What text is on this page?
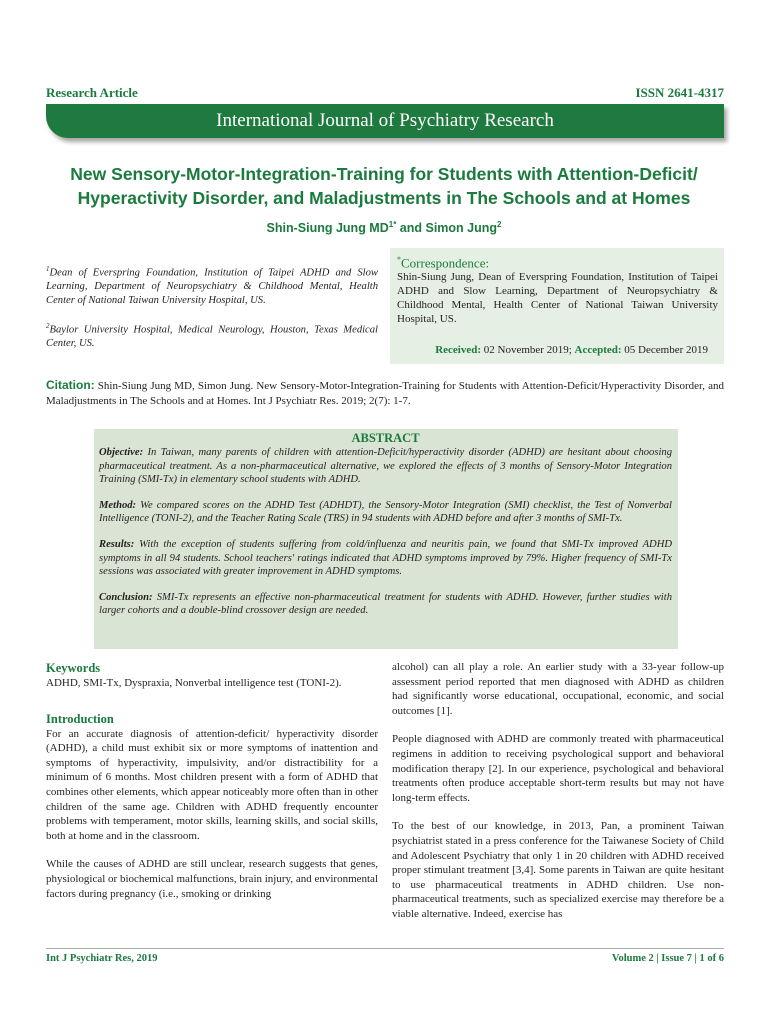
Research Article	ISSN 2641-4317
International Journal of Psychiatry Research
New Sensory-Motor-Integration-Training for Students with Attention-Deficit/
Hyperactivity Disorder, and Maladjustments in The Schools and at Homes
Shin-Siung Jung $MD^{1*}$ and Simon Jung$^2$
$^1$Dean of Everspring Foundation, Institution of Taipei ADHD and Slow Learning, Department of Neuropsychiatry & Childhood Mental, Health Center of National Taiwan University Hospital, US.
$^2$Baylor University Hospital, Medical Neurology, Houston, Texas Medical Center, US.
*Correspondence:
Shin-Siung Jung, Dean of Everspring Foundation, Institution of Taipei ADHD and Slow Learning, Department of Neuropsychiatry & Childhood Mental, Health Center of National Taiwan University Hospital, US.
Received: 02 November 2019; Accepted: 05 December 2019
Citation: Shin-Siung Jung MD, Simon Jung. New Sensory-Motor-Integration-Training for Students with Attention-Deficit/Hyperactivity Disorder, and Maladjustments in The Schools and at Homes. Int J Psychiatr Res. 2019; 2(7): 1-7.
ABSTRACT

Objective: In Taiwan, many parents of children with attention-Deficit/hyperactivity disorder (ADHD) are hesitant about choosing pharmaceutical treatment. As a non-pharmaceutical alternative, we explored the effects of 3 months of Sensory-Motor Integration Training (SMI-Tx) in elementary school students with ADHD.

Method: We compared scores on the ADHD Test (ADHDT), the Sensory-Motor Integration (SMI) checklist, the Test of Nonverbal Intelligence (TONI-2), and the Teacher Rating Scale (TRS) in 94 students with ADHD before and after 3 months of SMI-Tx.

Results: With the exception of students suffering from cold/influenza and neuritis pain, we found that SMI-Tx improved ADHD symptoms in all 94 students. School teachers' ratings indicated that ADHD symptoms improved by 79%. Higher frequency of SMI-Tx sessions was associated with greater improvement in ADHD symptoms.

Conclusion: SMI-Tx represents an effective non-pharmaceutical treatment for students with ADHD. However, further studies with larger cohorts and a double-blind crossover design are needed.

Keywords
ADHD, SMI-Tx, Dyspraxia, Nonverbal intelligence test (TONI-2).
Introduction

For an accurate diagnosis of attention-deficit/ hyperactivity disorder (ADHD), a child must exhibit six or more symptoms of inattention and symptoms of hyperactivity, impulsivity, and/or distractibility for a minimum of 6 months. Most children present with a form of ADHD that combines other elements, which appear noticeably more often than in other children of the same age. Children with ADHD frequently encounter problems with temperament, motor skills, learning skills, and social skills, both at home and in the classroom.

While the causes of ADHD are still unclear, research suggests that genes, physiological or biochemical malfunctions, brain injury, and environmental factors during pregnancy (i.e., smoking or drinking

alcohol) can all play a role. An earlier study with a 33-year follow-up assessment period reported that men diagnosed with ADHD as children had significantly worse educational, occupational, economic, and social outcomes [1].

People diagnosed with ADHD are commonly treated with pharmaceutical regimens in addition to receiving psychological support and behavioral modification therapy [2]. In our experience, psychological and behavioral treatments often produce acceptable short-term results but may not have long-term effects.

To the best of our knowledge, in 2013, Pan, a prominent Taiwan psychiatrist stated in a press conference for the Taiwanese Society of Child and Adolescent Psychiatry that only 1 in 20 children with ADHD received proper stimulant treatment [3,4]. Some parents in Taiwan are quite hesitant to use pharmaceutical treatments in ADHD children. Use non-pharmaceutical treatments, such as specialized exercise may therefore be a viable alternative. Indeed, exercise has

Int J Psychiatr Res, 2019	Volume 2 | Issue 7 | 1 of 6
